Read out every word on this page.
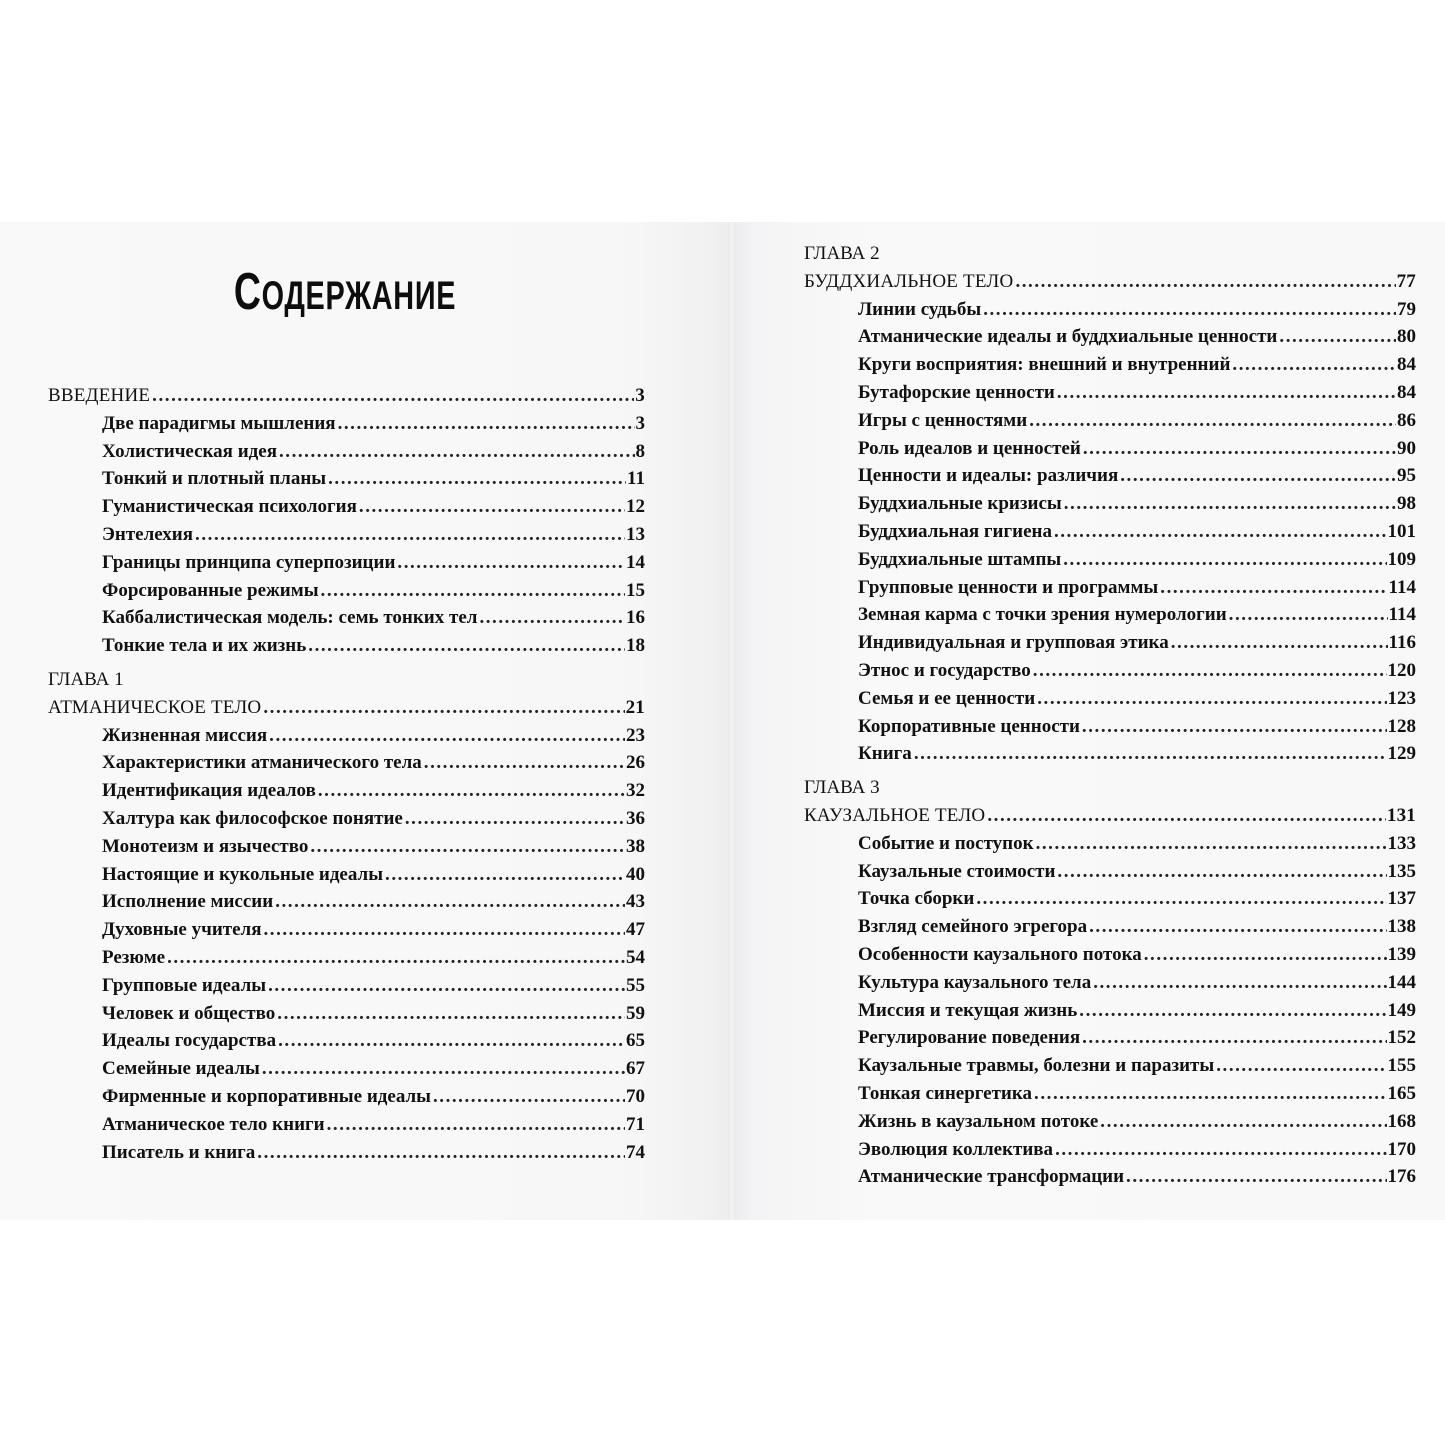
СОДЕРЖАНИЕ
ВВЕДЕНИЕ . . .	3
Две парадигмы мышления . . .	3
Холистическая идея . . .	8
Тонкий и плотный планы . . .	11
Гуманистическая психология . . .	12
Энтелехия . . .	13
Границы принципа суперпозиции . . .	14
Форсированные режимы . . .	15
Каббалистическая модель: семь тонких тел . . .	16
Тонкие тела и их жизнь . . .	18
ГЛАВА 1
АТМАНИЧЕСКОЕ ТЕЛО . . .	21
Жизненная миссия . . .	23
Характеристики атманического тела . . .	26
Идентификация идеалов . . .	32
Халтура как философское понятие . . .	36
Монотеизм и язычество . . .	38
Настоящие и кукольные идеалы . . .	40
Исполнение миссии . . .	43
Духовные учителя . . .	47
Резюме . . .	54
Групповые идеалы . . .	55
Человек и общество . . .	59
Идеалы государства . . .	65
Семейные идеалы . . .	67
Фирменные и корпоративные идеалы . . .	70
Атманическое тело книги . . .	71
Писатель и книга . . .	74
ГЛАВА 2
БУДДХИАЛЬНОЕ ТЕЛО . . .	77
Линии судьбы . . .	79
Атманические идеалы и буддхиальные ценности . . .	80
Круги восприятия: внешний и внутренний . . .	84
Бутафорские ценности . . .	84
Игры с ценностями . . .	86
Роль идеалов и ценностей . . .	90
Ценности и идеалы: различия . . .	95
Буддхиальные кризисы . . .	98
Буддхиальная гигиена . . .	101
Буддхиальные штампы . . .	109
Групповые ценности и программы . . .	114
Земная карма с точки зрения нумерологии . . .	114
Индивидуальная и групповая этика . . .	116
Этнос и государство . . .	120
Семья и ее ценности . . .	123
Корпоративные ценности . . .	128
Книга . . .	129
ГЛАВА 3
КАУЗАЛЬНОЕ ТЕЛО . . .	131
Событие и поступок . . .	133
Каузальные стоимости . . .	135
Точка сборки . . .	137
Взгляд семейного эгрегора . . .	138
Особенности каузального потока . . .	139
Культура каузального тела . . .	144
Миссия и текущая жизнь . . .	149
Регулирование поведения . . .	152
Каузальные травмы, болезни и паразиты . . .	155
Тонкая синергетика . . .	165
Жизнь в каузальном потоке . . .	168
Эволюция коллектива . . .	170
Атманические трансформации . . .	176
